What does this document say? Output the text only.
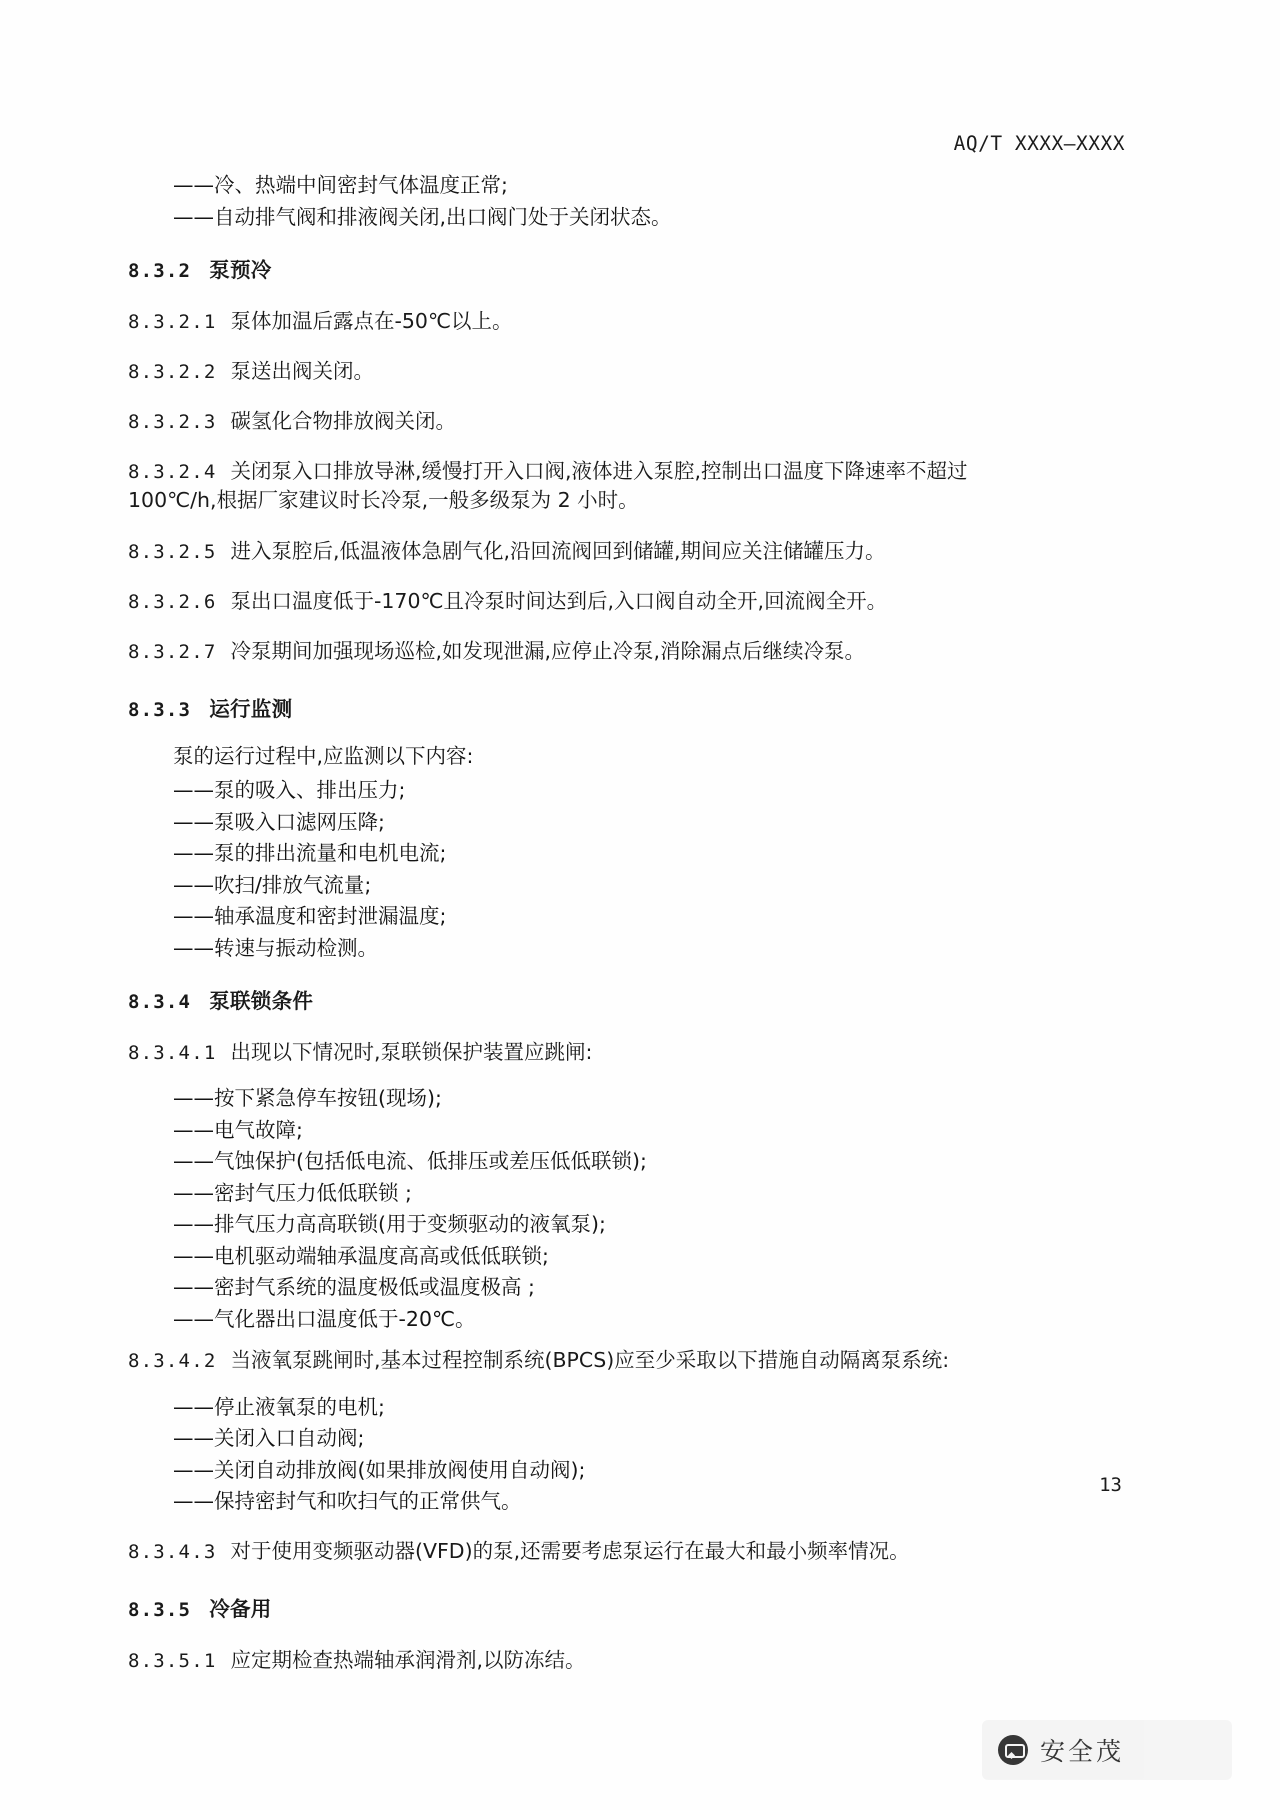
AQ/T XXXX—XXXX
——冷、热端中间密封气体温度正常;
——自动排气阀和排液阀关闭,出口阀门处于关闭状态。
8.3.2 泵预冷
8.3.2.1 泵体加温后露点在-50℃以上。
8.3.2.2 泵送出阀关闭。
8.3.2.3 碳氢化合物排放阀关闭。
8.3.2.4 关闭泵入口排放导淋,缓慢打开入口阀,液体进入泵腔,控制出口温度下降速率不超过100℃/h,根据厂家建议时长冷泵,一般多级泵为 2 小时。
8.3.2.5 进入泵腔后,低温液体急剧气化,沿回流阀回到储罐,期间应关注储罐压力。
8.3.2.6 泵出口温度低于-170℃且冷泵时间达到后,入口阀自动全开,回流阀全开。
8.3.2.7 冷泵期间加强现场巡检,如发现泄漏,应停止冷泵,消除漏点后继续冷泵。
8.3.3 运行监测
泵的运行过程中,应监测以下内容:
——泵的吸入、排出压力;
——泵吸入口滤网压降;
——泵的排出流量和电机电流;
——吹扫/排放气流量;
——轴承温度和密封泄漏温度;
——转速与振动检测。
8.3.4 泵联锁条件
8.3.4.1 出现以下情况时,泵联锁保护装置应跳闸:
——按下紧急停车按钮(现场);
——电气故障;
——气蚀保护(包括低电流、低排压或差压低低联锁);
——密封气压力低低联锁 ;
——排气压力高高联锁(用于变频驱动的液氧泵);
——电机驱动端轴承温度高高或低低联锁;
——密封气系统的温度极低或温度极高 ;
——气化器出口温度低于-20℃。
8.3.4.2 当液氧泵跳闸时,基本过程控制系统(BPCS)应至少采取以下措施自动隔离泵系统:
——停止液氧泵的电机;
——关闭入口自动阀;
——关闭自动排放阀(如果排放阀使用自动阀);
——保持密封气和吹扫气的正常供气。
8.3.4.3 对于使用变频驱动器(VFD)的泵,还需要考虑泵运行在最大和最小频率情况。
8.3.5 冷备用
8.3.5.1 应定期检查热端轴承润滑剂,以防冻结。
13
安全茂
